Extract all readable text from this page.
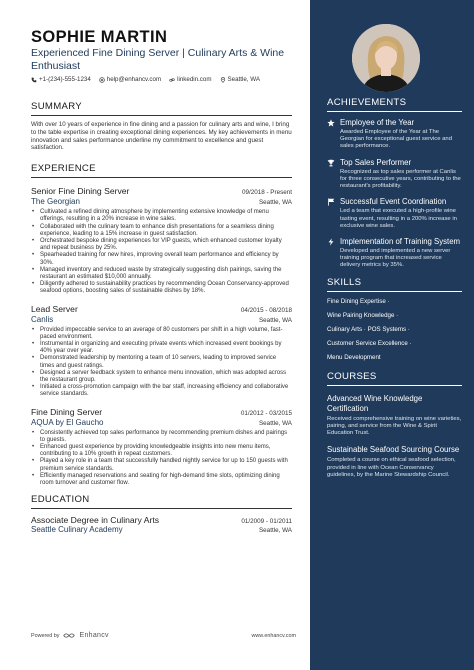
SOPHIE MARTIN
Experienced Fine Dining Server | Culinary Arts & Wine Enthusiast
+1-(234)-555-1234	help@enhancv.com	linkedin.com	Seattle, WA
SUMMARY
With over 10 years of experience in fine dining and a passion for culinary arts and wine, I bring to the table expertise in creating exceptional dining experiences. My key achievements in menu innovation and sales performance underline my commitment to excellence and guest satisfaction.
EXPERIENCE
Senior Fine Dining Server	09/2018 - Present
The Georgian	Seattle, WA
• Cultivated a refined dining atmosphere by implementing extensive knowledge of menu offerings, resulting in a 20% increase in wine sales.
• Collaborated with the culinary team to enhance dish presentations for a seamless dining experience, leading to a 15% increase in guest satisfaction.
• Orchestrated bespoke dining experiences for VIP guests, which enhanced customer loyalty and repeat business by 25%.
• Spearheaded training for new hires, improving overall team performance and efficiency by 30%.
• Managed inventory and reduced waste by strategically suggesting dish pairings, saving the restaurant an estimated $10,000 annually.
• Diligently adhered to sustainability practices by recommending Ocean Conservancy-approved seafood options, boosting sales of sustainable dishes by 18%.
Lead Server	04/2015 - 08/2018
Canlis	Seattle, WA
• Provided impeccable service to an average of 80 customers per shift in a high volume, fast-paced environment.
• Instrumental in organizing and executing private events which increased event bookings by 40% year over year.
• Demonstrated leadership by mentoring a team of 10 servers, leading to improved service times and guest ratings.
• Designed a server feedback system to enhance menu innovation, which was adopted across the restaurant group.
• Initiated a cross-promotion campaign with the bar staff, increasing efficiency and collaborative service standards.
Fine Dining Server	01/2012 - 03/2015
AQUA by El Gaucho	Seattle, WA
• Consistently achieved top sales performance by recommending premium dishes and pairings to guests.
• Enhanced guest experience by providing knowledgeable insights into new menu items, contributing to a 10% growth in repeat customers.
• Played a key role in a team that successfully handled nightly service for up to 150 guests with premium service standards.
• Efficiently managed reservations and seating for high-demand time slots, optimizing dining room turnover and customer flow.
EDUCATION
Associate Degree in Culinary Arts	01/2009 - 01/2011
Seattle Culinary Academy	Seattle, WA
Powered by	Enhancv	www.enhancv.com
ACHIEVEMENTS
Employee of the Year
Awarded Employee of the Year at The Georgian for exceptional guest service and sales performance.
Top Sales Performer
Recognized as top sales performer at Canlis for three consecutive years, contributing to the restaurant's profitability.
Successful Event Coordination
Led a team that executed a high-profile wine tasting event, resulting in a 200% increase in exclusive wine sales.
Implementation of Training System
Developed and implemented a new server training program that increased service delivery metrics by 35%.
SKILLS
Fine Dining Expertise ·
Wine Pairing Knowledge ·
Culinary Arts · POS Systems ·
Customer Service Excellence ·
Menu Development
COURSES
Advanced Wine Knowledge Certification
Received comprehensive training on wine varieties, pairing, and service from the Wine & Spirit Education Trust.
Sustainable Seafood Sourcing Course
Completed a course on ethical seafood selection, provided in line with Ocean Conservancy guidelines, by the Marine Stewardship Council.
